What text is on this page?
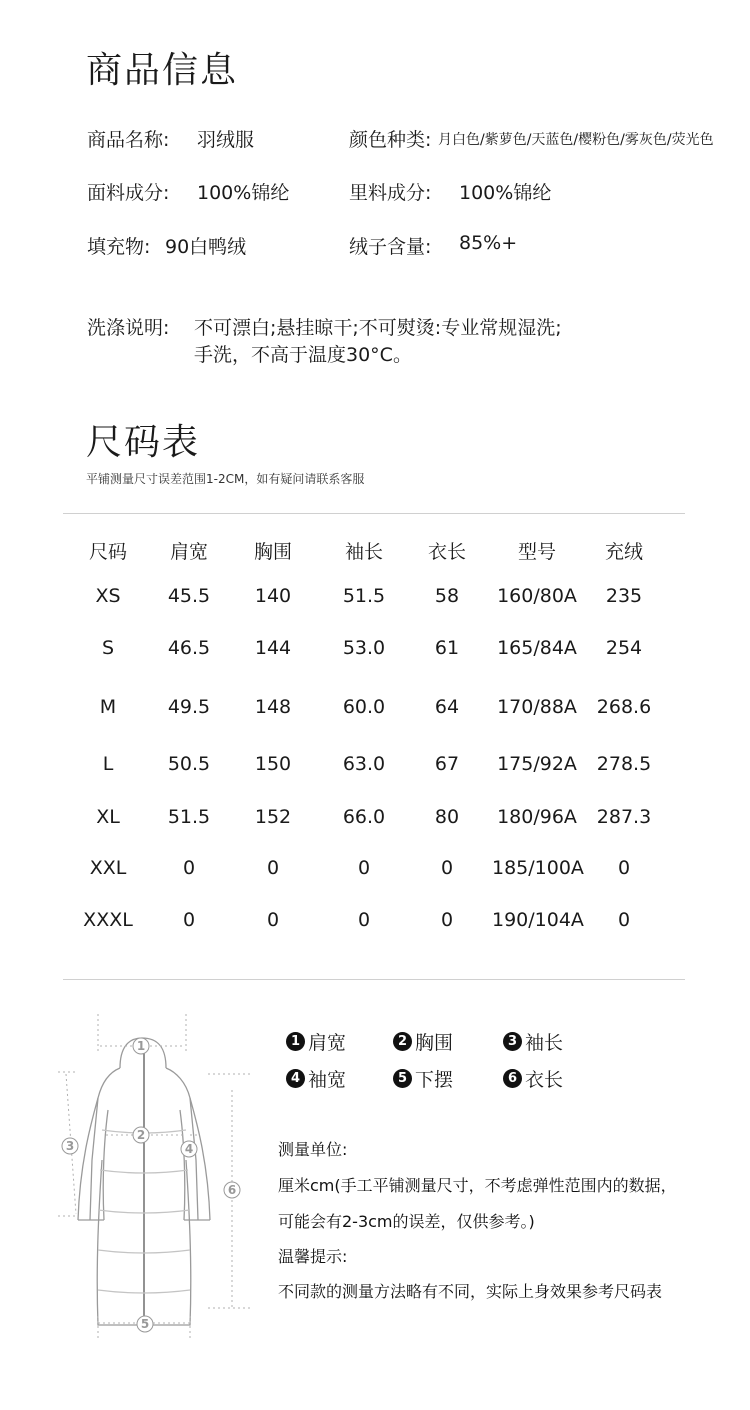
商品信息
商品名称: 羽绒服	颜色种类: 月白色/紫萝色/天蓝色/樱粉色/雾灰色/荧光色
面料成分: 100%锦纶	里料成分: 100%锦纶
填充物: 90白鸭绒	绒子含量: 85%+
洗涤说明: 不可漂白;悬挂晾干;不可熨烫:专业常规湿洗;
手洗，不高于温度30°C。
尺码表
平铺测量尺寸误差范围1-2CM，如有疑问请联系客服
尺码	肩宽	胸围	袖长	衣长	型号	充绒
XS	45.5	140	51.5	58	160/80A	235
S	46.5	144	53.0	61	165/84A	254
M	49.5	148	60.0	64	170/88A	268.6
L	50.5	150	63.0	67	175/92A	278.5
XL	51.5	152	66.0	80	180/96A	287.3
XXL	0	0	0	0	185/100A	0
XXXL	0	0	0	0	190/104A	0
1
2
3	4
5
6
1 肩宽	2 胸围	3 袖长
4 袖宽	5 下摆	6 衣长
测量单位:
厘米cm(手工平铺测量尺寸，不考虑弹性范围内的数据，
可能会有2-3cm的误差，仅供参考。)
温馨提示:
不同款的测量方法略有不同，实际上身效果参考尺码表
